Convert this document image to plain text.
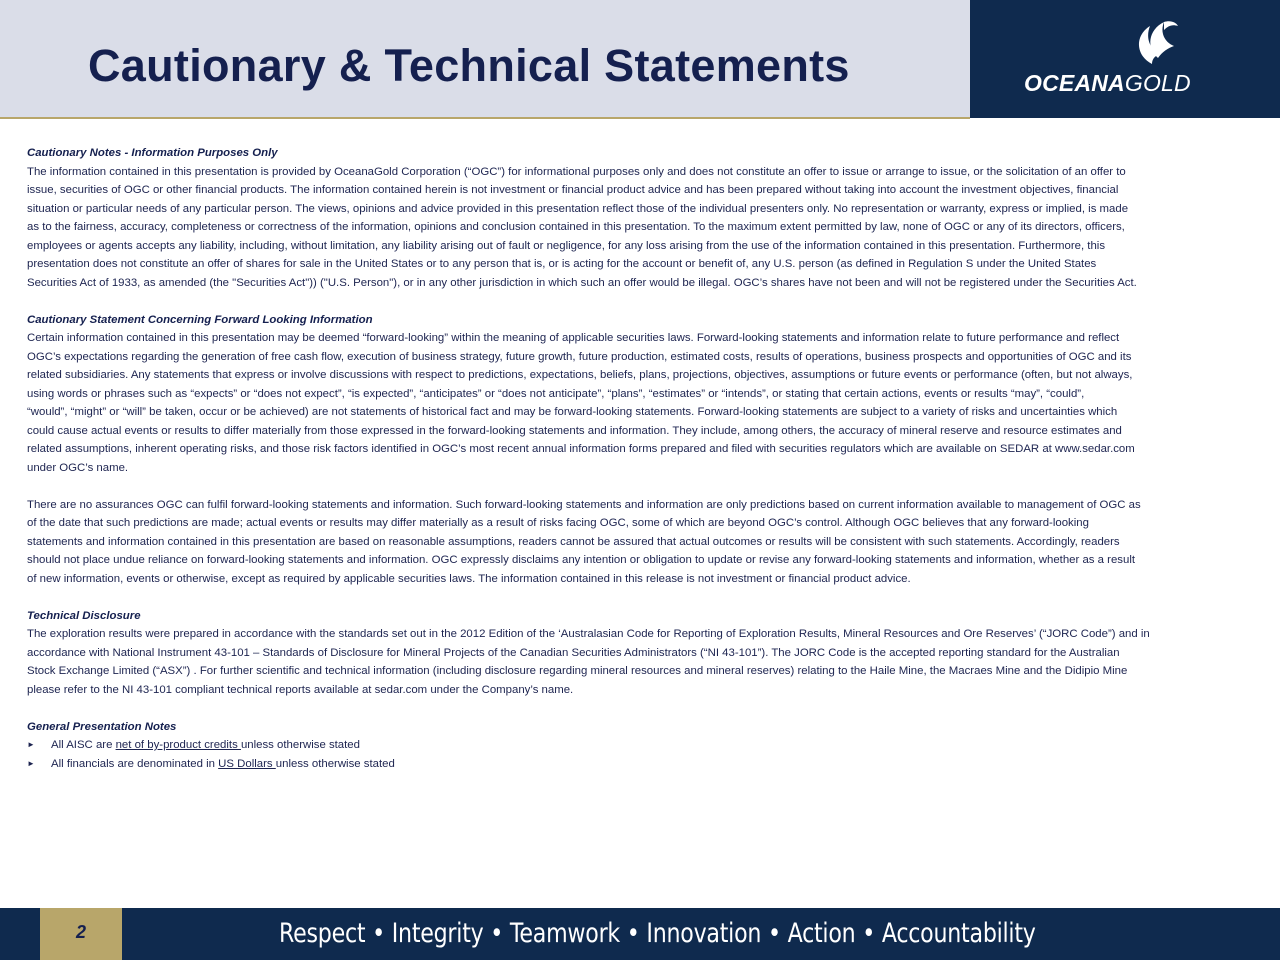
Cautionary & Technical Statements	OCEANAGOLD
Cautionary Notes - Information Purposes Only

The information contained in this presentation is provided by OceanaGold Corporation (“OGC”) for informational purposes only and does not constitute an offer to issue or arrange to issue, or the solicitation of an offer to

issue, securities of OGC or other financial products. The information contained herein is not investment or financial product advice and has been prepared without taking into account the investment objectives, financial

situation or particular needs of any particular person. The views, opinions and advice provided in this presentation reflect those of the individual presenters only. No representation or warranty, express or implied, is made

as to the fairness, accuracy, completeness or correctness of the information, opinions and conclusion contained in this presentation. To the maximum extent permitted by law, none of OGC or any of its directors, officers,

employees or agents accepts any liability, including, without limitation, any liability arising out of fault or negligence, for any loss arising from the use of the information contained in this presentation. Furthermore, this

presentation does not constitute an offer of shares for sale in the United States or to any person that is, or is acting for the account or benefit of, any U.S. person (as defined in Regulation S under the United States

Securities Act of 1933, as amended (the "Securities Act")) ("U.S. Person"), or in any other jurisdiction in which such an offer would be illegal. OGC’s shares have not been and will not be registered under the Securities Act.

Cautionary Statement Concerning Forward Looking Information

Certain information contained in this presentation may be deemed “forward-looking” within the meaning of applicable securities laws. Forward-looking statements and information relate to future performance and reflect

OGC’s expectations regarding the generation of free cash flow, execution of business strategy, future growth, future production, estimated costs, results of operations, business prospects and opportunities of OGC and its

related subsidiaries. Any statements that express or involve discussions with respect to predictions, expectations, beliefs, plans, projections, objectives, assumptions or future events or performance (often, but not always,

using words or phrases such as “expects” or “does not expect”, “is expected”, “anticipates” or “does not anticipate”, “plans”, “estimates” or “intends”, or stating that certain actions, events or results “may”, “could”,

“would”, “might” or “will” be taken, occur or be achieved) are not statements of historical fact and may be forward-looking statements. Forward-looking statements are subject to a variety of risks and uncertainties which

could cause actual events or results to differ materially from those expressed in the forward-looking statements and information. They include, among others, the accuracy of mineral reserve and resource estimates and

related assumptions, inherent operating risks, and those risk factors identified in OGC’s most recent annual information forms prepared and filed with securities regulators which are available on SEDAR at www.sedar.com

under OGC’s name.

There are no assurances OGC can fulfil forward-looking statements and information. Such forward-looking statements and information are only predictions based on current information available to management of OGC as

of the date that such predictions are made; actual events or results may differ materially as a result of risks facing OGC, some of which are beyond OGC’s control. Although OGC believes that any forward-looking

statements and information contained in this presentation are based on reasonable assumptions, readers cannot be assured that actual outcomes or results will be consistent with such statements. Accordingly, readers

should not place undue reliance on forward-looking statements and information. OGC expressly disclaims any intention or obligation to update or revise any forward-looking statements and information, whether as a result

of new information, events or otherwise, except as required by applicable securities laws. The information contained in this release is not investment or financial product advice.

Technical Disclosure

The exploration results were prepared in accordance with the standards set out in the 2012 Edition of the ‘Australasian Code for Reporting of Exploration Results, Mineral Resources and Ore Reserves’ (“JORC Code”) and in

accordance with National Instrument 43-101 – Standards of Disclosure for Mineral Projects of the Canadian Securities Administrators (“NI 43-101”). The JORC Code is the accepted reporting standard for the Australian

Stock Exchange Limited (“ASX”) . For further scientific and technical information (including disclosure regarding mineral resources and mineral reserves) relating to the Haile Mine, the Macraes Mine and the Didipio Mine

please refer to the NI 43-101 compliant technical reports available at sedar.com under the Company’s name.

General Presentation Notes
► All AISC are net of by-product credits unless otherwise stated
► All financials are denominated in US Dollars unless otherwise stated
2	Respect • Integrity • Teamwork • Innovation • Action • Accountability
